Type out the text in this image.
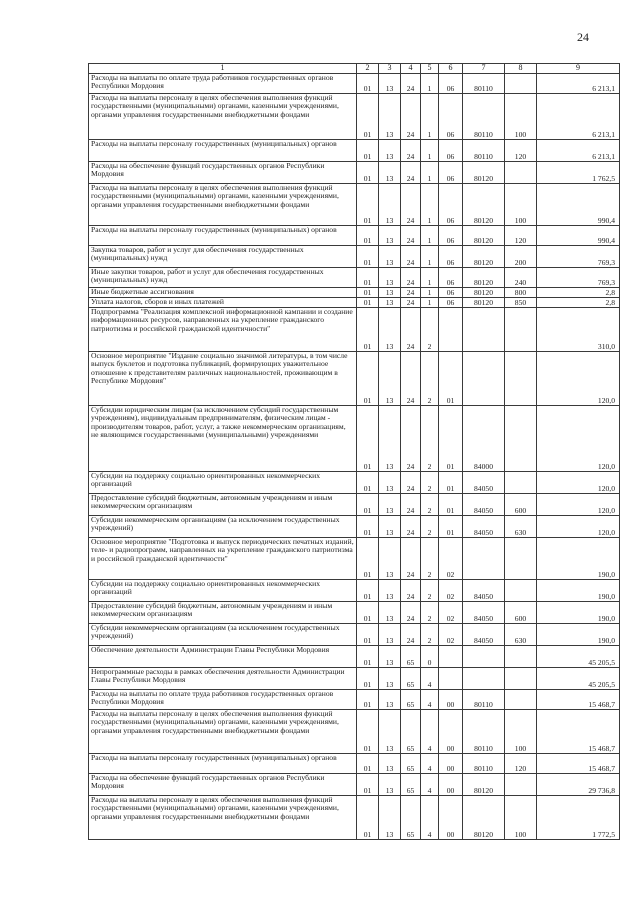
24
1	2	3	4	5	6	7	8	9
Расходы на выплаты по оплате труда работников государственных органов Республики Мордовия	01	13	24	1	06	80110		6 213,1
Расходы на выплаты персоналу в целях обеспечения выполнения функций государственными (муниципальными) органами, казенными учреждениями, органами управления государственными внебюджетными фондами	01	13	24	1	06	80110	100	6 213,1
Расходы на выплаты персоналу государственных (муниципальных) органов	01	13	24	1	06	80110	120	6 213,1
Расходы на обеспечение функций государственных органов Республики Мордовия	01	13	24	1	06	80120		1 762,5
Расходы на выплаты персоналу в целях обеспечения выполнения функций государственными (муниципальными) органами, казенными учреждениями, органами управления государственными внебюджетными фондами	01	13	24	1	06	80120	100	990,4
Расходы на выплаты персоналу государственных (муниципальных) органов	01	13	24	1	06	80120	120	990,4
Закупка товаров, работ и услуг для обеспечения государственных (муниципальных) нужд	01	13	24	1	06	80120	200	769,3
Иные закупки товаров, работ и услуг для обеспечения государственных (муниципальных) нужд	01	13	24	1	06	80120	240	769,3
Иные бюджетные ассигнования	01	13	24	1	06	80120	800	2,8
Уплата налогов, сборов и иных платежей	01	13	24	1	06	80120	850	2,8
Подпрограмма "Реализация комплексной информационной кампании и создание информационных ресурсов, направленных на укрепление гражданского патриотизма и российской гражданской идентичности"	01	13	24	2				310,0
Основное мероприятие "Издание социально значимой литературы, в том числе выпуск буклетов и подготовка публикаций, формирующих уважительное отношение к представителям различных национальностей, проживающим в Республике Мордовия"	01	13	24	2	01			120,0
Субсидии юридическим лицам (за исключением субсидий государственным учреждениям), индивидуальным предпринимателям, физическим лицам - производителям товаров, работ, услуг, а также некоммерческим организациям, не являющимся государственными (муниципальными) учреждениями	01	13	24	2	01	84000		120,0
Субсидии на поддержку социально ориентированных некоммерческих организаций	01	13	24	2	01	84050		120,0
Предоставление субсидий бюджетным, автономным учреждениям и иным некоммерческим организациям	01	13	24	2	01	84050	600	120,0
Субсидии некоммерческим организациям (за исключением государственных учреждений)	01	13	24	2	01	84050	630	120,0
Основное мероприятие "Подготовка и выпуск периодических печатных изданий, теле- и радиопрограмм, направленных на укрепление гражданского патриотизма и российской гражданской идентичности"	01	13	24	2	02			190,0
Субсидии на поддержку социально ориентированных некоммерческих организаций	01	13	24	2	02	84050		190,0
Предоставление субсидий бюджетным, автономным учреждениям и иным некоммерческим организациям	01	13	24	2	02	84050	600	190,0
Субсидии некоммерческим организациям (за исключением государственных учреждений)	01	13	24	2	02	84050	630	190,0
Обеспечение деятельности Администрации Главы Республики Мордовия	01	13	65	0				45 205,5
Непрограммные расходы в рамках обеспечения деятельности Администрации Главы Республики Мордовия	01	13	65	4				45 205,5
Расходы на выплаты по оплате труда работников государственных органов Республики Мордовия	01	13	65	4	00	80110		15 468,7
Расходы на выплаты персоналу в целях обеспечения выполнения функций государственными (муниципальными) органами, казенными учреждениями, органами управления государственными внебюджетными фондами	01	13	65	4	00	80110	100	15 468,7
Расходы на выплаты персоналу государственных (муниципальных) органов	01	13	65	4	00	80110	120	15 468,7
Расходы на обеспечение функций государственных органов Республики Мордовия	01	13	65	4	00	80120		29 736,8
Расходы на выплаты персоналу в целях обеспечения выполнения функций государственными (муниципальными) органами, казенными учреждениями, органами управления государственными внебюджетными фондами	01	13	65	4	00	80120	100	1 772,5
